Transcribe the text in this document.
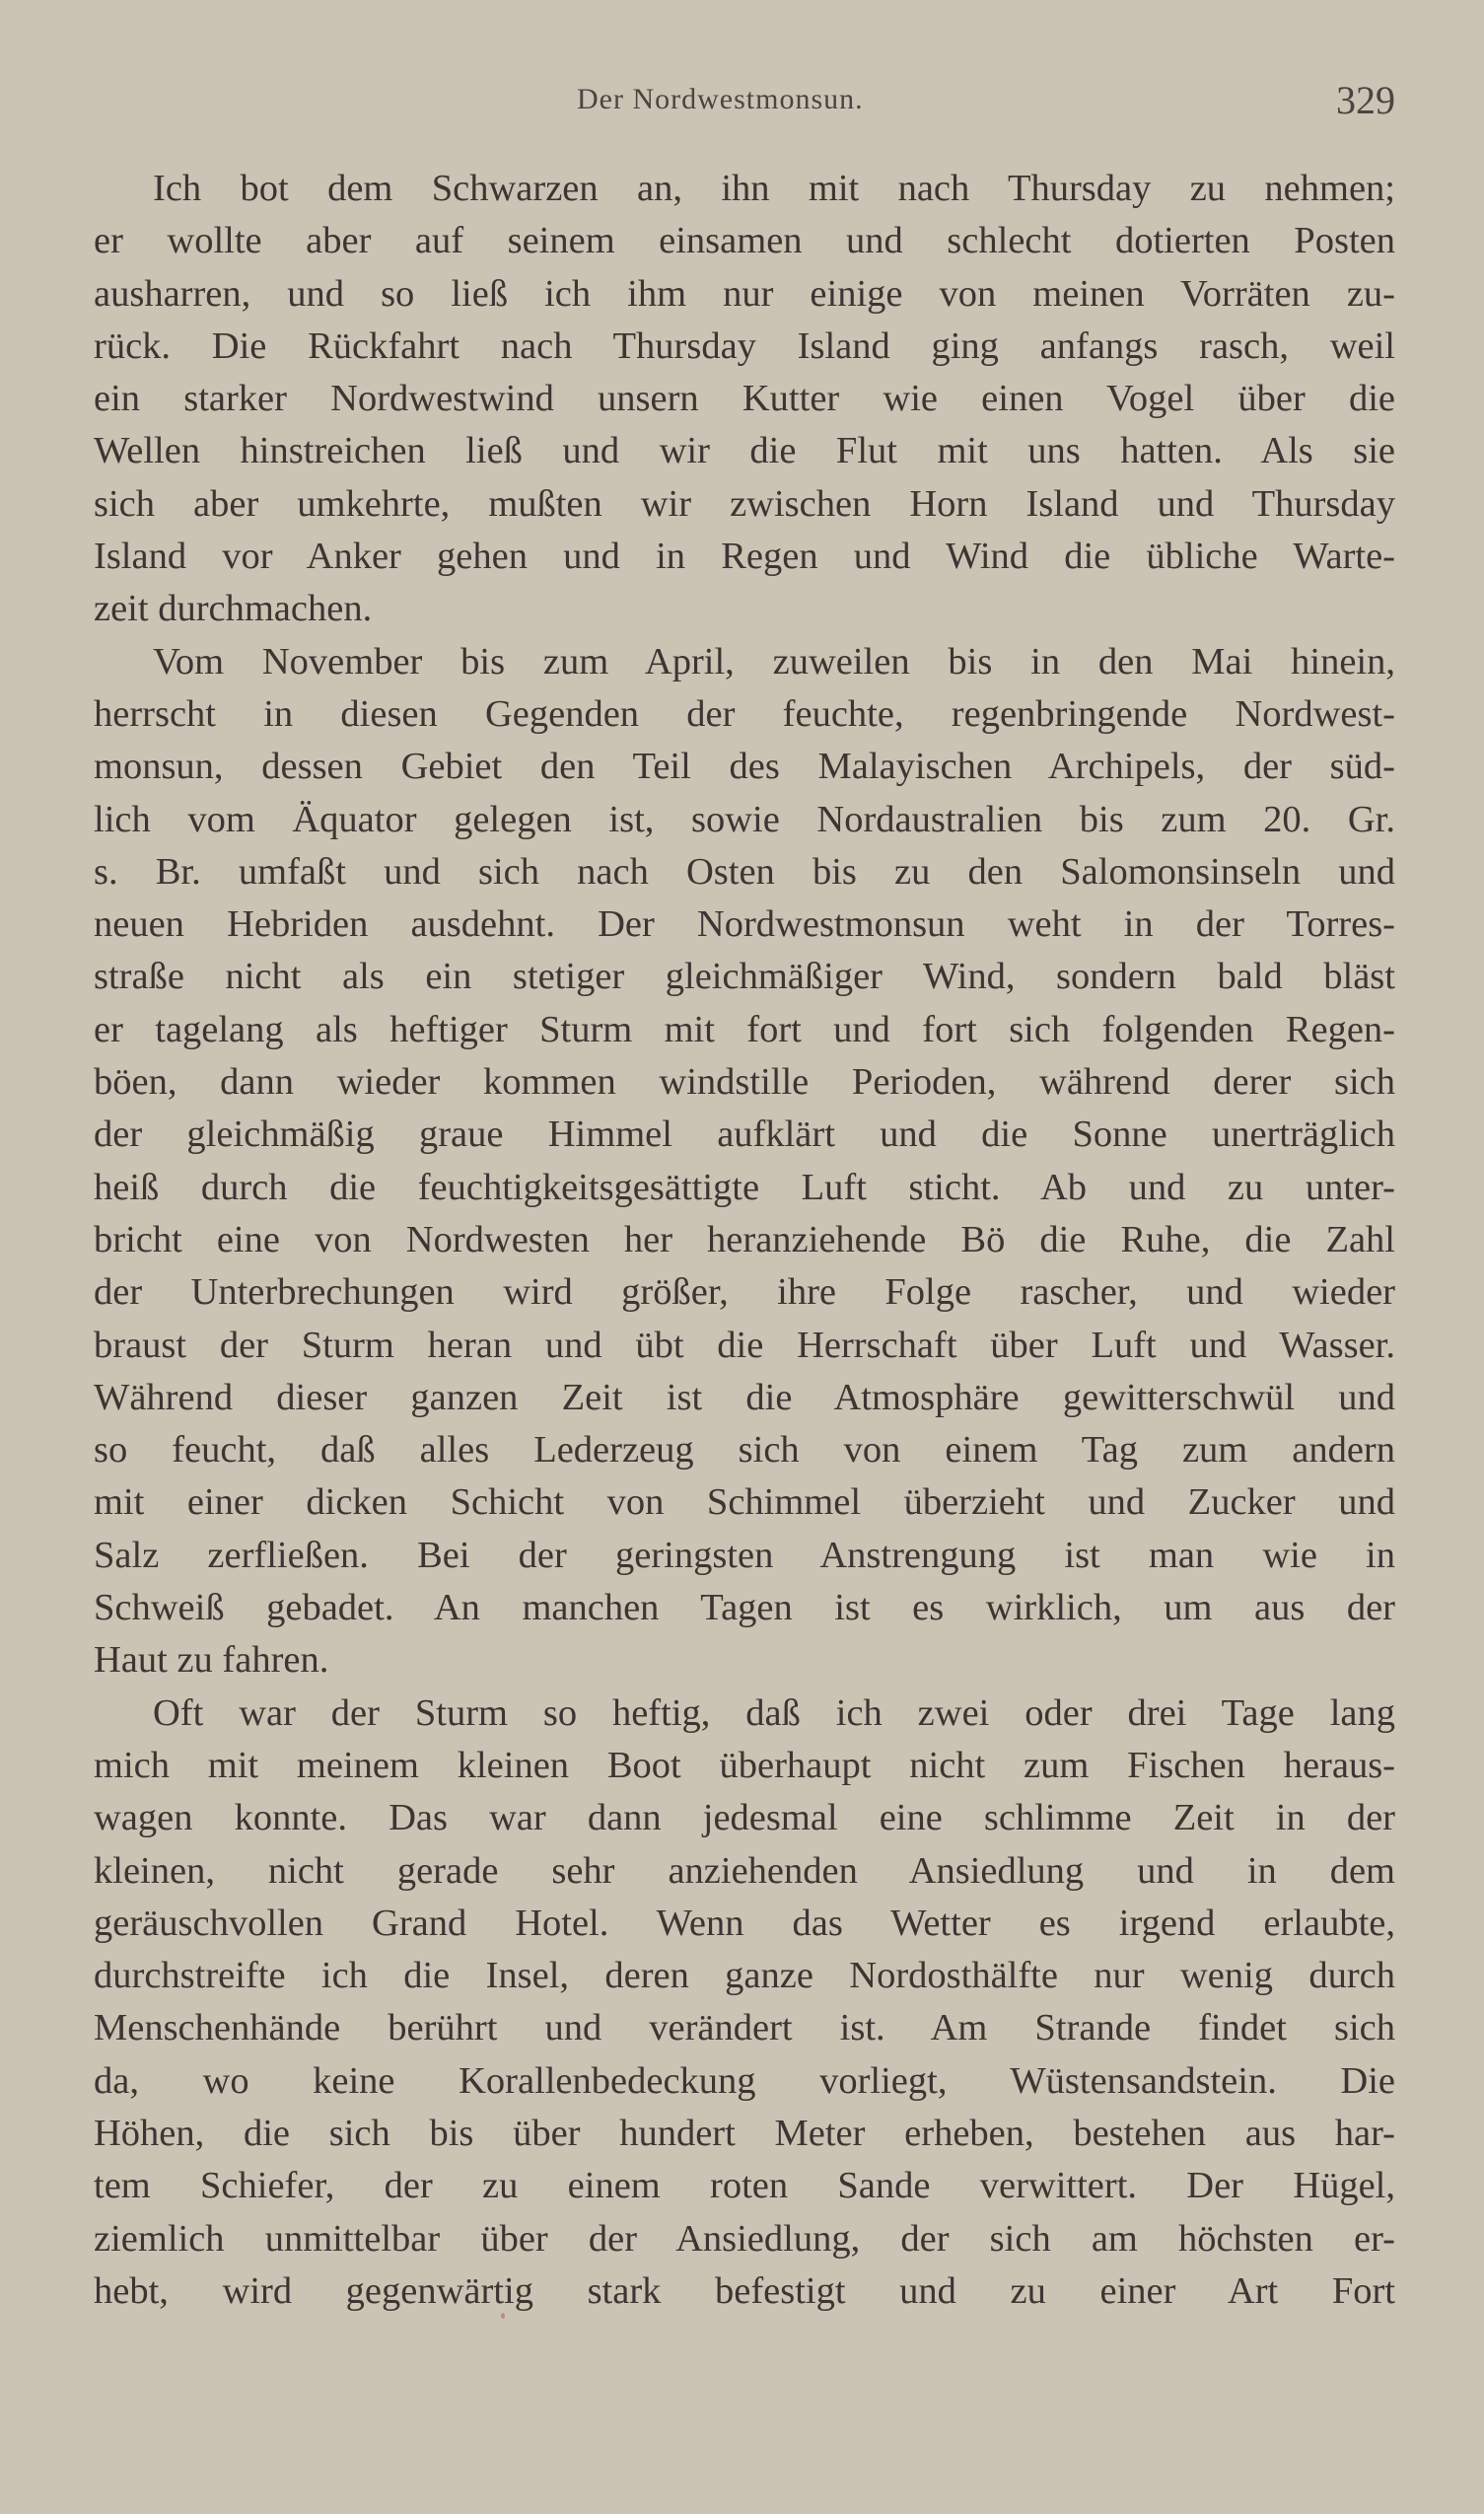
Der Nordwestmonsun.	329
Ich bot dem Schwarzen an, ihn mit nach Thursday zu nehmen;
er wollte aber auf seinem einsamen und schlecht dotierten Posten
ausharren, und so ließ ich ihm nur einige von meinen Vorräten zu-
rück. Die Rückfahrt nach Thursday Island ging anfangs rasch, weil
ein starker Nordwestwind unsern Kutter wie einen Vogel über die
Wellen hinstreichen ließ und wir die Flut mit uns hatten. Als sie
sich aber umkehrte, mußten wir zwischen Horn Island und Thursday
Island vor Anker gehen und in Regen und Wind die übliche Warte-
zeit durchmachen.
Vom November bis zum April, zuweilen bis in den Mai hinein,
herrscht in diesen Gegenden der feuchte, regenbringende Nordwest-
monsun, dessen Gebiet den Teil des Malayischen Archipels, der süd-
lich vom Äquator gelegen ist, sowie Nordaustralien bis zum 20. Gr.
s. Br. umfaßt und sich nach Osten bis zu den Salomonsinseln und
neuen Hebriden ausdehnt. Der Nordwestmonsun weht in der Torres-
straße nicht als ein stetiger gleichmäßiger Wind, sondern bald bläst
er tagelang als heftiger Sturm mit fort und fort sich folgenden Regen-
böen, dann wieder kommen windstille Perioden, während derer sich
der gleichmäßig graue Himmel aufklärt und die Sonne unerträglich
heiß durch die feuchtigkeitsgesättigte Luft sticht. Ab und zu unter-
bricht eine von Nordwesten her heranziehende Bö die Ruhe, die Zahl
der Unterbrechungen wird größer, ihre Folge rascher, und wieder
braust der Sturm heran und übt die Herrschaft über Luft und Wasser.
Während dieser ganzen Zeit ist die Atmosphäre gewitterschwül und
so feucht, daß alles Lederzeug sich von einem Tag zum andern
mit einer dicken Schicht von Schimmel überzieht und Zucker und
Salz zerfließen. Bei der geringsten Anstrengung ist man wie in
Schweiß gebadet. An manchen Tagen ist es wirklich, um aus der
Haut zu fahren.
Oft war der Sturm so heftig, daß ich zwei oder drei Tage lang
mich mit meinem kleinen Boot überhaupt nicht zum Fischen heraus-
wagen konnte. Das war dann jedesmal eine schlimme Zeit in der
kleinen, nicht gerade sehr anziehenden Ansiedlung und in dem
geräuschvollen Grand Hotel. Wenn das Wetter es irgend erlaubte,
durchstreifte ich die Insel, deren ganze Nordosthälfte nur wenig durch
Menschenhände berührt und verändert ist. Am Strande findet sich
da, wo keine Korallenbedeckung vorliegt, Wüstensandstein. Die
Höhen, die sich bis über hundert Meter erheben, bestehen aus har-
tem Schiefer, der zu einem roten Sande verwittert. Der Hügel,
ziemlich unmittelbar über der Ansiedlung, der sich am höchsten er-
hebt, wird gegenwärtig stark befestigt und zu einer Art Fort
